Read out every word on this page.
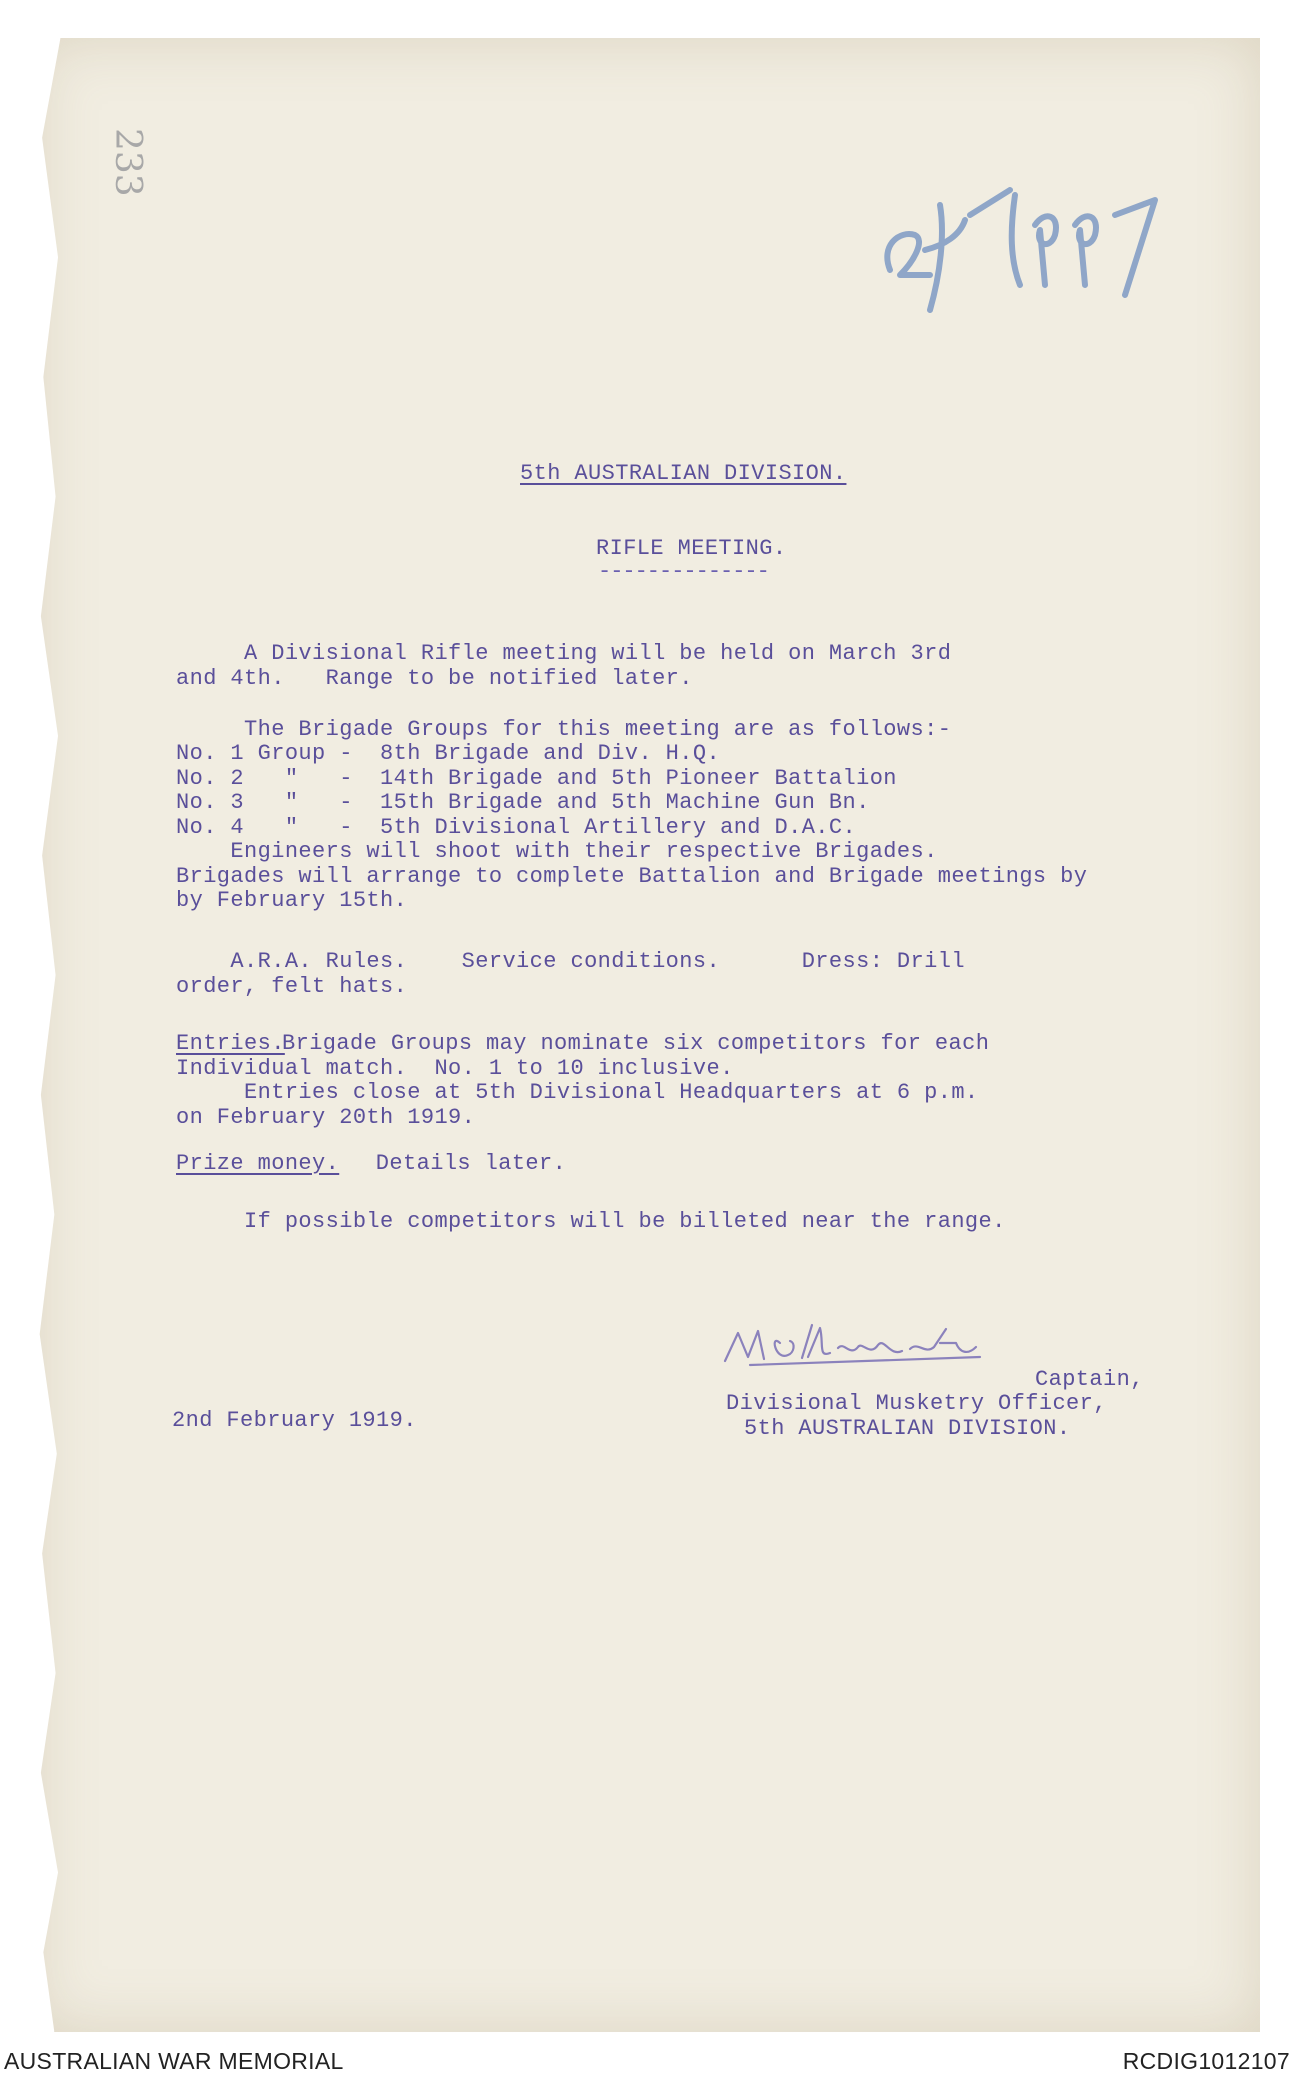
233
5th AUSTRALIAN DIVISION.
RIFLE MEETING.
--------------
A Divisional Rifle meeting will be held on March 3rd
and 4th.   Range to be notified later.
The Brigade Groups for this meeting are as follows:-
No. 1 Group -  8th Brigade and Div. H.Q.
No. 2   "   -  14th Brigade and 5th Pioneer Battalion
No. 3   "   -  15th Brigade and 5th Machine Gun Bn.
No. 4   "   -  5th Divisional Artillery and D.A.C.
Engineers will shoot with their respective Brigades.
Brigades will arrange to complete Battalion and Brigade meetings by
by February 15th.
A.R.A. Rules.    Service conditions.      Dress: Drill
order, felt hats.
Entries.
Brigade Groups may nominate six competitors for each
Individual match.  No. 1 to 10 inclusive.
Entries close at 5th Divisional Headquarters at 6 p.m.
on February 20th 1919.
Prize money.
Details later.
If possible competitors will be billeted near the range.
Captain,
Divisional Musketry Officer,
5th AUSTRALIAN DIVISION.
2nd February 1919.
AUSTRALIAN WAR MEMORIAL	RCDIG1012107
